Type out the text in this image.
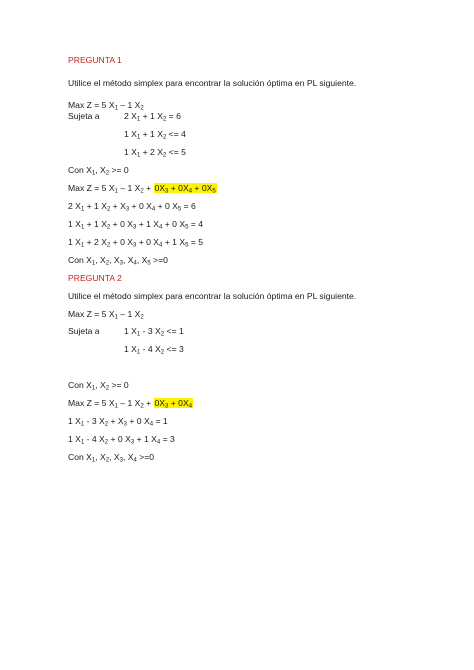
PREGUNTA 1
Utilice el método simplex para encontrar la solución óptima en PL siguiente.
Max Z = 5 $X_1 - 1$ $X_2$
Sujeta a	2 $X_1 + 1$ $X_2 = 6$
1 $X_1 + 1$ $X_2 <= 4$
1 $X_1 + 2$ $X_2 <= 5$
Con $X_1$, $X_2 >= 0$
Max Z = 5 $X_1 - 1$ $X_2 + 0X_3 + 0X_4 + 0X_5$
2 $X_1 + 1$ $X_2 + X_3 + 0$ $X_4 + 0$ $X_5 = 6$
1 $X_1 + 1$ $X_2 + 0$ $X_3 + 1$ $X_4 + 0$ $X_5 = 4$
1 $X_1 + 2$ $X_2 + 0$ $X_3 + 0$ $X_4 + 1$ $X_5 = 5$
Con $X_1$, $X_2$, $X_3$, $X_4$, $X_5 >=0$
PREGUNTA 2
Utilice el método simplex para encontrar la solución óptima en PL siguiente.
Max Z = 5 $X_1 - 1$ $X_2$
Sujeta a	1 $X_1 - 3$ $X_2 <= 1$
1 $X_1 - 4$ $X_2 <= 3$
Con $X_1$, $X_2 >= 0$
Max Z = 5 $X_1 - 1$ $X_2 + 0X_3 + 0X_4$
1 $X_1 - 3$ $X_2 + X_3 + 0$ $X_4 = 1$
1 $X_1 - 4$ $X_2 + 0$ $X_3 + 1$ $X_4 = 3$
Con $X_1$, $X_2$, $X_3$, $X_4 >=0$
